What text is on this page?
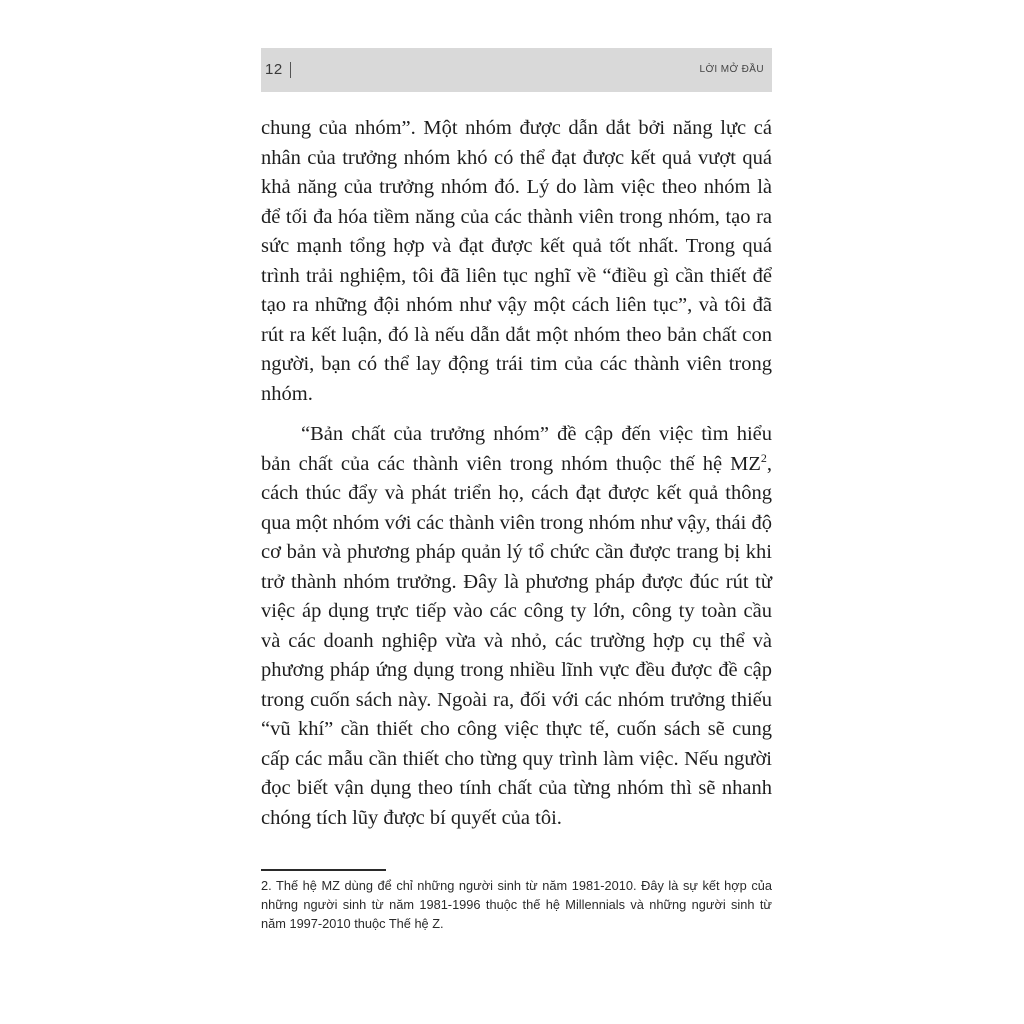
12	LỜI MỞ ĐẦU

chung của nhóm”. Một nhóm được dẫn dắt bởi năng lực cá nhân của trưởng nhóm khó có thể đạt được kết quả vượt quá khả năng của trưởng nhóm đó. Lý do làm việc theo nhóm là để tối đa hóa tiềm năng của các thành viên trong nhóm, tạo ra sức mạnh tổng hợp và đạt được kết quả tốt nhất. Trong quá trình trải nghiệm, tôi đã liên tục nghĩ về “điều gì cần thiết để tạo ra những đội nhóm như vậy một cách liên tục”, và tôi đã rút ra kết luận, đó là nếu dẫn dắt một nhóm theo bản chất con người, bạn có thể lay động trái tim của các thành viên trong nhóm.

“Bản chất của trưởng nhóm” đề cập đến việc tìm hiểu bản chất của các thành viên trong nhóm thuộc thế hệ $MZ^2$, cách thúc đẩy và phát triển họ, cách đạt được kết quả thông qua một nhóm với các thành viên trong nhóm như vậy, thái độ cơ bản và phương pháp quản lý tổ chức cần được trang bị khi trở thành nhóm trưởng. Đây là phương pháp được đúc rút từ việc áp dụng trực tiếp vào các công ty lớn, công ty toàn cầu và các doanh nghiệp vừa và nhỏ, các trường hợp cụ thể và phương pháp ứng dụng trong nhiều lĩnh vực đều được đề cập trong cuốn sách này. Ngoài ra, đối với các nhóm trưởng thiếu “vũ khí” cần thiết cho công việc thực tế, cuốn sách sẽ cung cấp các mẫu cần thiết cho từng quy trình làm việc. Nếu người đọc biết vận dụng theo tính chất của từng nhóm thì sẽ nhanh chóng tích lũy được bí quyết của tôi.

2. Thế hệ MZ dùng để chỉ những người sinh từ năm 1981-2010. Đây là sự kết hợp của những người sinh từ năm 1981-1996 thuộc thế hệ Millennials và những người sinh từ năm 1997-2010 thuộc Thế hệ Z.
